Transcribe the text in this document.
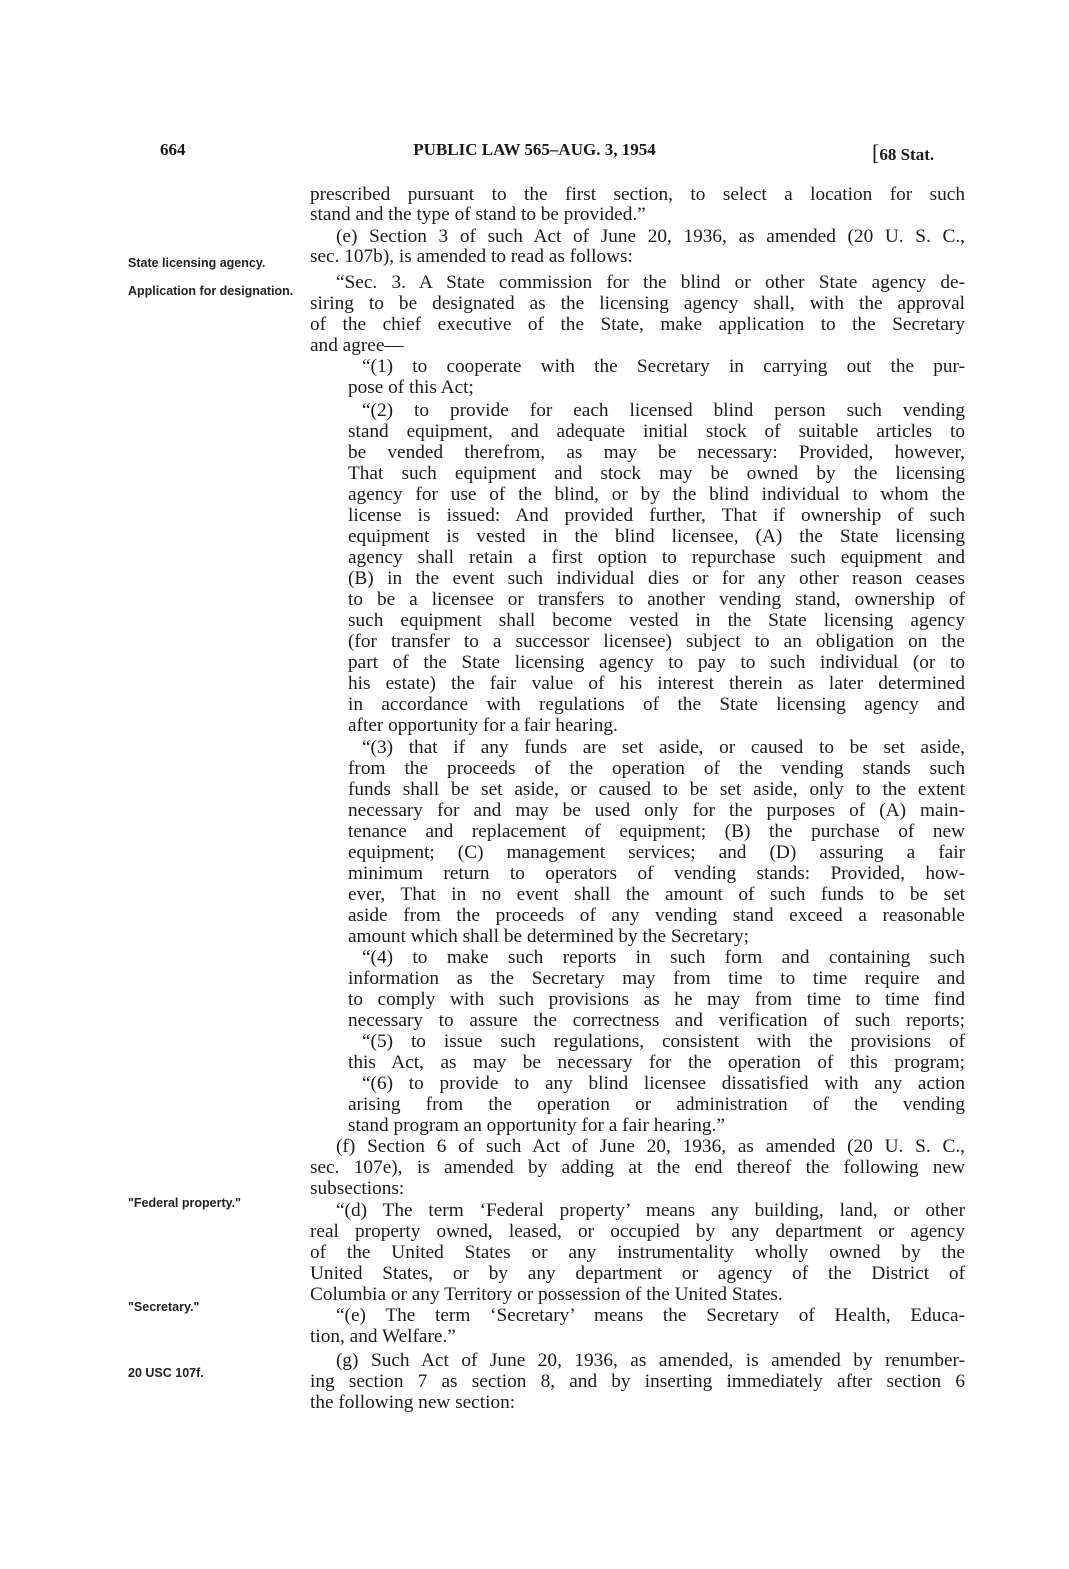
664	PUBLIC LAW 565–AUG. 3, 1954	[68 Stat.
State licensing agency.
Application for designation.
"Federal property."
"Secretary."
20 USC 107f.
prescribed pursuant to the first section, to select a location for such
stand and the type of stand to be provided.”
(e) Section 3 of such Act of June 20, 1936, as amended (20 U. S. C.,
sec. 107b), is amended to read as follows:
“Sec. 3. A State commission for the blind or other State agency de-
siring to be designated as the licensing agency shall, with the approval
of the chief executive of the State, make application to the Secretary
and agree—
“(1) to cooperate with the Secretary in carrying out the pur-
pose of this Act;
“(2) to provide for each licensed blind person such vending
stand equipment, and adequate initial stock of suitable articles to
be vended therefrom, as may be necessary: Provided, however,
That such equipment and stock may be owned by the licensing
agency for use of the blind, or by the blind individual to whom the
license is issued: And provided further, That if ownership of such
equipment is vested in the blind licensee, (A) the State licensing
agency shall retain a first option to repurchase such equipment and
(B) in the event such individual dies or for any other reason ceases
to be a licensee or transfers to another vending stand, ownership of
such equipment shall become vested in the State licensing agency
(for transfer to a successor licensee) subject to an obligation on the
part of the State licensing agency to pay to such individual (or to
his estate) the fair value of his interest therein as later determined
in accordance with regulations of the State licensing agency and
after opportunity for a fair hearing.
“(3) that if any funds are set aside, or caused to be set aside,
from the proceeds of the operation of the vending stands such
funds shall be set aside, or caused to be set aside, only to the extent
necessary for and may be used only for the purposes of (A) main-
tenance and replacement of equipment; (B) the purchase of new
equipment; (C) management services; and (D) assuring a fair
minimum return to operators of vending stands: Provided, how-
ever, That in no event shall the amount of such funds to be set
aside from the proceeds of any vending stand exceed a reasonable
amount which shall be determined by the Secretary;
“(4) to make such reports in such form and containing such
information as the Secretary may from time to time require and
to comply with such provisions as he may from time to time find
necessary to assure the correctness and verification of such reports;
“(5) to issue such regulations, consistent with the provisions of
this Act, as may be necessary for the operation of this program;
“(6) to provide to any blind licensee dissatisfied with any action
arising from the operation or administration of the vending
stand program an opportunity for a fair hearing.”
(f) Section 6 of such Act of June 20, 1936, as amended (20 U. S. C.,
sec. 107e), is amended by adding at the end thereof the following new
subsections:
“(d) The term ‘Federal property’ means any building, land, or other
real property owned, leased, or occupied by any department or agency
of the United States or any instrumentality wholly owned by the
United States, or by any department or agency of the District of
Columbia or any Territory or possession of the United States.
“(e) The term ‘Secretary’ means the Secretary of Health, Educa-
tion, and Welfare.”
(g) Such Act of June 20, 1936, as amended, is amended by renumber-
ing section 7 as section 8, and by inserting immediately after section 6
the following new section:
